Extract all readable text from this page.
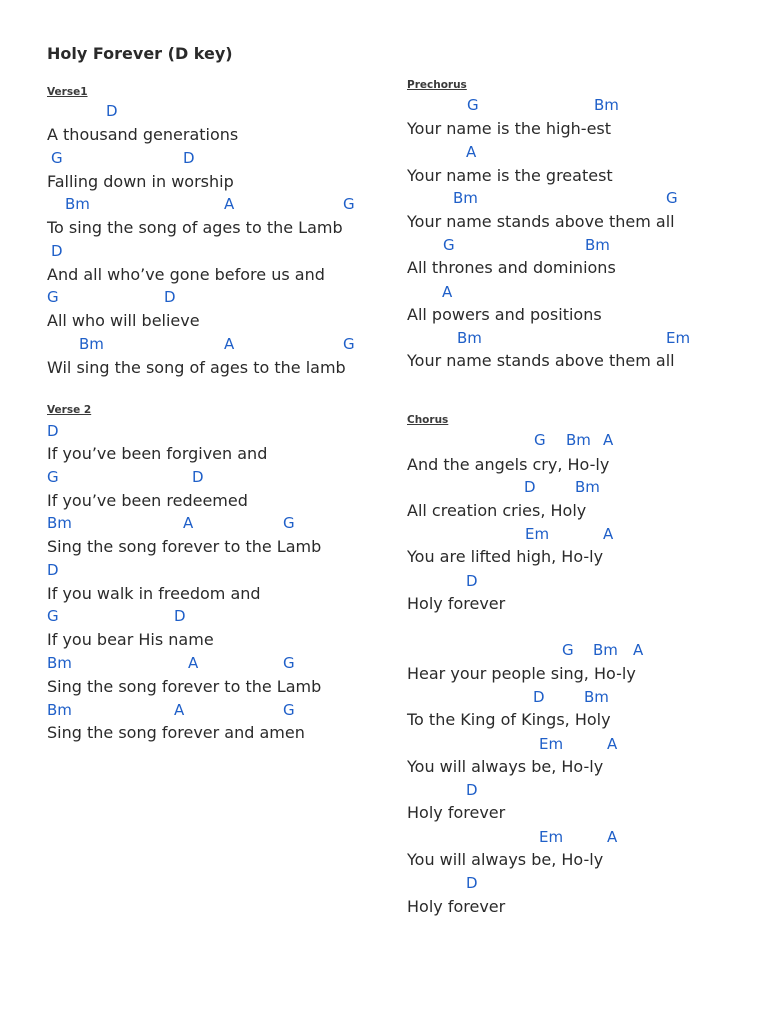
Holy Forever (D key)
Verse1
D
A thousand generations
G	D
Falling down in worship
Bm	A	G
To sing the song of ages to the Lamb
D
And all who’ve gone before us and
G	D
All who will believe
Bm	A	G
Wil sing the song of ages to the lamb
Verse 2
D
If you’ve been forgiven and
G	D
If you’ve been redeemed
Bm	A	G
Sing the song forever to the Lamb
D
If you walk in freedom and
G	D
If you bear His name
Bm	A	G
Sing the song forever to the Lamb
Bm	A	G
Sing the song forever and amen
Prechorus
G	Bm
Your name is the high-est
A
Your name is the greatest
Bm	G
Your name stands above them all
G	Bm
All thrones and dominions
A
All powers and positions
Bm	Em
Your name stands above them all
Chorus
G Bm A
And the angels cry, Ho-ly
D	Bm
All creation cries, Holy
Em	A
You are lifted high, Ho-ly
D
Holy forever
G Bm A
Hear your people sing, Ho-ly
D	Bm
To the King of Kings, Holy
Em	A
You will always be, Ho-ly
D
Holy forever
Em	A
You will always be, Ho-ly
D
Holy forever
